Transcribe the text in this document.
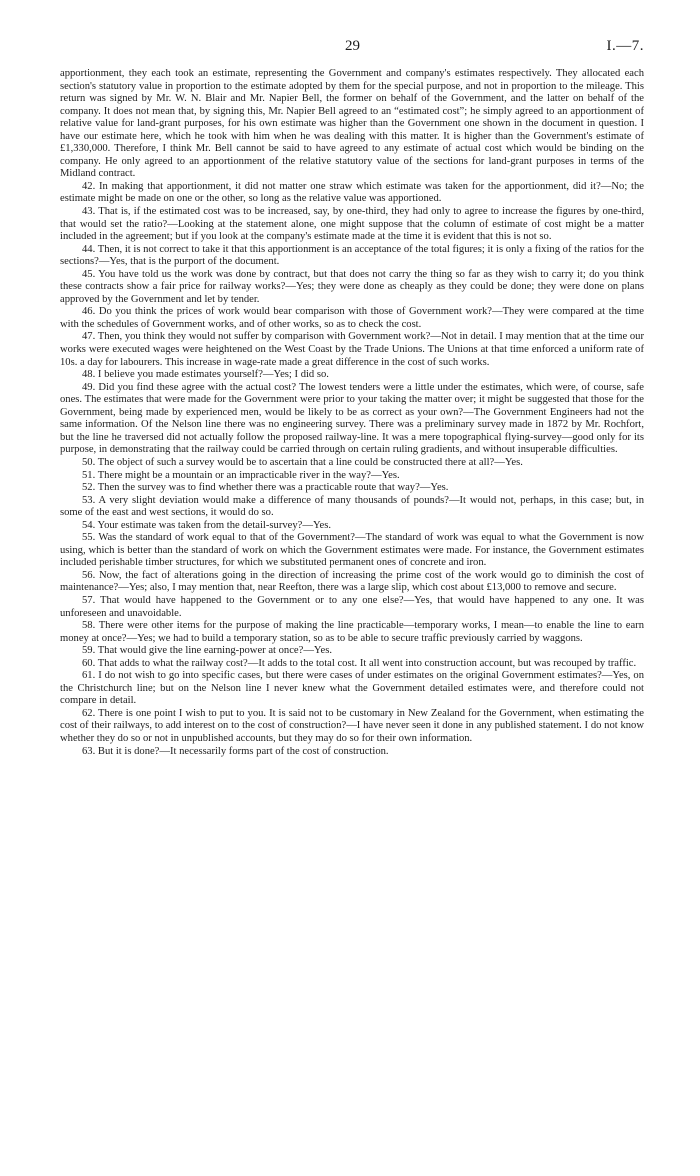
29	I.—7.

apportionment, they each took an estimate, representing the Government and company's estimates respectively. They allocated each section's statutory value in proportion to the estimate adopted by them for the special purpose, and not in proportion to the mileage. This return was signed by Mr. W. N. Blair and Mr. Napier Bell, the former on behalf of the Government, and the latter on behalf of the company. It does not mean that, by signing this, Mr. Napier Bell agreed to an “estimated cost”; he simply agreed to an apportionment of relative value for land-grant purposes, for his own estimate was higher than the Government one shown in the document in question. I have our estimate here, which he took with him when he was dealing with this matter. It is higher than the Government's estimate of £1,330,000. Therefore, I think Mr. Bell cannot be said to have agreed to any estimate of actual cost which would be binding on the company. He only agreed to an apportionment of the relative statutory value of the sections for land-grant purposes in terms of the Midland contract.

42. In making that apportionment, it did not matter one straw which estimate was taken for the apportionment, did it?—No; the estimate might be made on one or the other, so long as the relative value was apportioned.

43. That is, if the estimated cost was to be increased, say, by one-third, they had only to agree to increase the figures by one-third, that would set the ratio?—Looking at the statement alone, one might suppose that the column of estimate of cost might be a matter included in the agreement; but if you look at the company's estimate made at the time it is evident that this is not so.

44. Then, it is not correct to take it that this apportionment is an acceptance of the total figures; it is only a fixing of the ratios for the sections?—Yes, that is the purport of the document.

45. You have told us the work was done by contract, but that does not carry the thing so far as they wish to carry it; do you think these contracts show a fair price for railway works?—Yes; they were done as cheaply as they could be done; they were done on plans approved by the Government and let by tender.

46. Do you think the prices of work would bear comparison with those of Government work?—They were compared at the time with the schedules of Government works, and of other works, so as to check the cost.

47. Then, you think they would not suffer by comparison with Government work?—Not in detail. I may mention that at the time our works were executed wages were heightened on the West Coast by the Trade Unions. The Unions at that time enforced a uniform rate of 10s. a day for labourers. This increase in wage-rate made a great difference in the cost of such works.

48. I believe you made estimates yourself?—Yes; I did so.

49. Did you find these agree with the actual cost? The lowest tenders were a little under the estimates, which were, of course, safe ones. The estimates that were made for the Government were prior to your taking the matter over; it might be suggested that those for the Government, being made by experienced men, would be likely to be as correct as your own?—The Government Engineers had not the same information. Of the Nelson line there was no engineering survey. There was a preliminary survey made in 1872 by Mr. Rochfort, but the line he traversed did not actually follow the proposed railway-line. It was a mere topographical flying-survey—good only for its purpose, in demonstrating that the railway could be carried through on certain ruling gradients, and without insuperable difficulties.

50. The object of such a survey would be to ascertain that a line could be constructed there at all?—Yes.

51. There might be a mountain or an impracticable river in the way?—Yes.

52. Then the survey was to find whether there was a practicable route that way?—Yes.

53. A very slight deviation would make a difference of many thousands of pounds?—It would not, perhaps, in this case; but, in some of the east and west sections, it would do so.

54. Your estimate was taken from the detail-survey?—Yes.

55. Was the standard of work equal to that of the Government?—The standard of work was equal to what the Government is now using, which is better than the standard of work on which the Government estimates were made. For instance, the Government estimates included perishable timber structures, for which we substituted permanent ones of concrete and iron.

56. Now, the fact of alterations going in the direction of increasing the prime cost of the work would go to diminish the cost of maintenance?—Yes; also, I may mention that, near Reefton, there was a large slip, which cost about £13,000 to remove and secure.

57. That would have happened to the Government or to any one else?—Yes, that would have happened to any one. It was unforeseen and unavoidable.

58. There were other items for the purpose of making the line practicable—temporary works, I mean—to enable the line to earn money at once?—Yes; we had to build a temporary station, so as to be able to secure traffic previously carried by waggons.

59. That would give the line earning-power at once?—Yes.

60. That adds to what the railway cost?—It adds to the total cost. It all went into construction account, but was recouped by traffic.

61. I do not wish to go into specific cases, but there were cases of under estimates on the original Government estimates?—Yes, on the Christchurch line; but on the Nelson line I never knew what the Government detailed estimates were, and therefore could not compare in detail.

62. There is one point I wish to put to you. It is said not to be customary in New Zealand for the Government, when estimating the cost of their railways, to add interest on to the cost of construction?—I have never seen it done in any published statement. I do not know whether they do so or not in unpublished accounts, but they may do so for their own information.

63. But it is done?—It necessarily forms part of the cost of construction.
